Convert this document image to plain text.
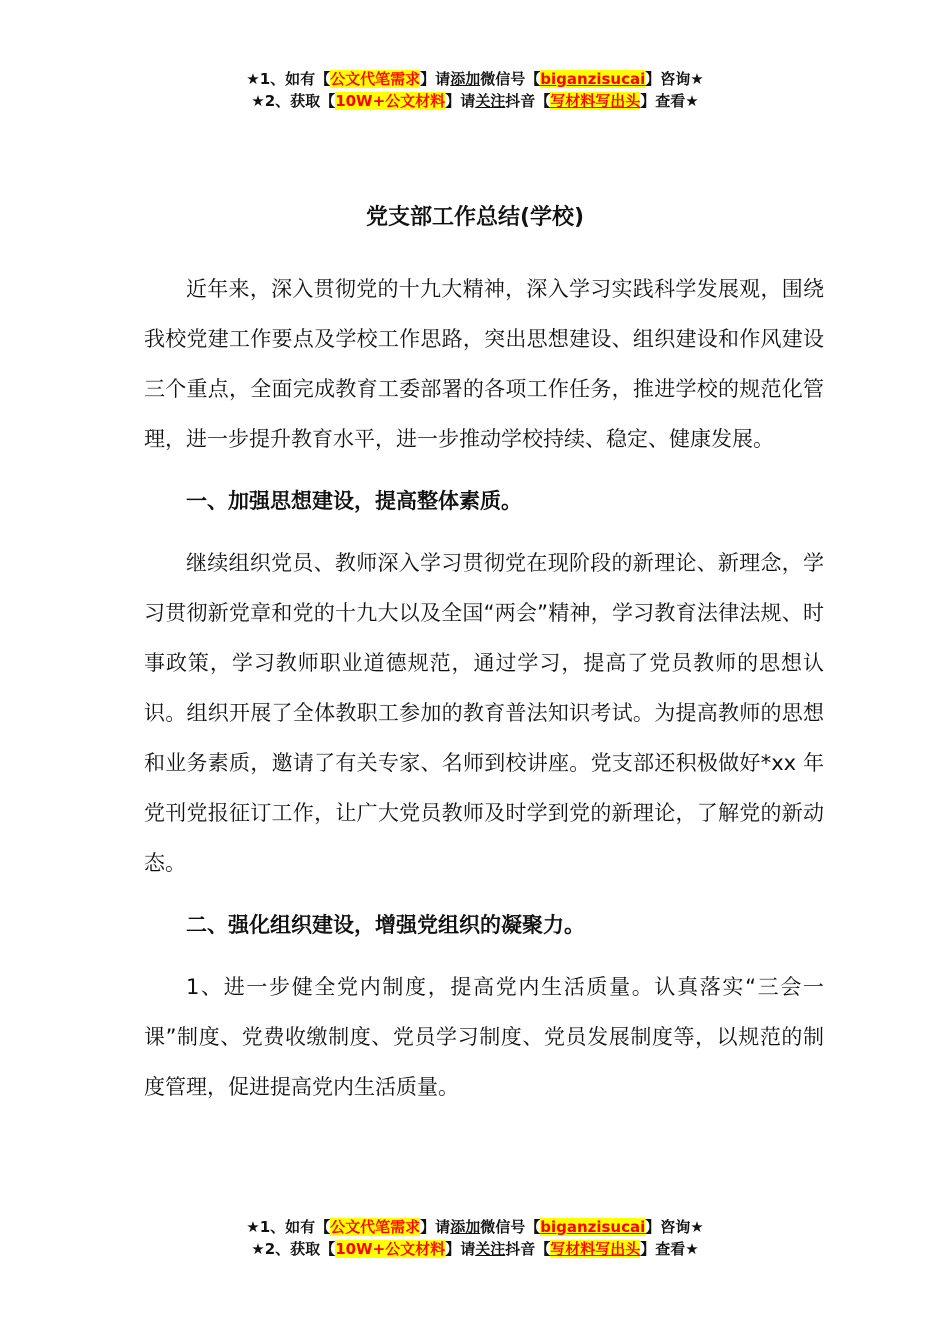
★1、如有【公文代笔需求】请添加微信号【biganzisucai】咨询★
★2、获取【10W+公文材料】请关注抖音【写材料写出头】查看★
党支部工作总结(学校)

近年来，深入贯彻党的十九大精神，深入学习实践科学发展观，围绕我校党建工作要点及学校工作思路，突出思想建设、组织建设和作风建设三个重点，全面完成教育工委部署的各项工作任务，推进学校的规范化管理，进一步提升教育水平，进一步推动学校持续、稳定、健康发展。

一、加强思想建设，提高整体素质。

继续组织党员、教师深入学习贯彻党在现阶段的新理论、新理念，学习贯彻新党章和党的十九大以及全国“两会”精神，学习教育法律法规、时事政策，学习教师职业道德规范，通过学习，提高了党员教师的思想认识。组织开展了全体教职工参加的教育普法知识考试。为提高教师的思想和业务素质，邀请了有关专家、名师到校讲座。党支部还积极做好*xx 年党刊党报征订工作，让广大党员教师及时学到党的新理论，了解党的新动态。

二、强化组织建设，增强党组织的凝聚力。

1、进一步健全党内制度，提高党内生活质量。认真落实“三会一课”制度、党费收缴制度、党员学习制度、党员发展制度等，以规范的制度管理，促进提高党内生活质量。

★1、如有【公文代笔需求】请添加微信号【biganzisucai】咨询★
★2、获取【10W+公文材料】请关注抖音【写材料写出头】查看★
